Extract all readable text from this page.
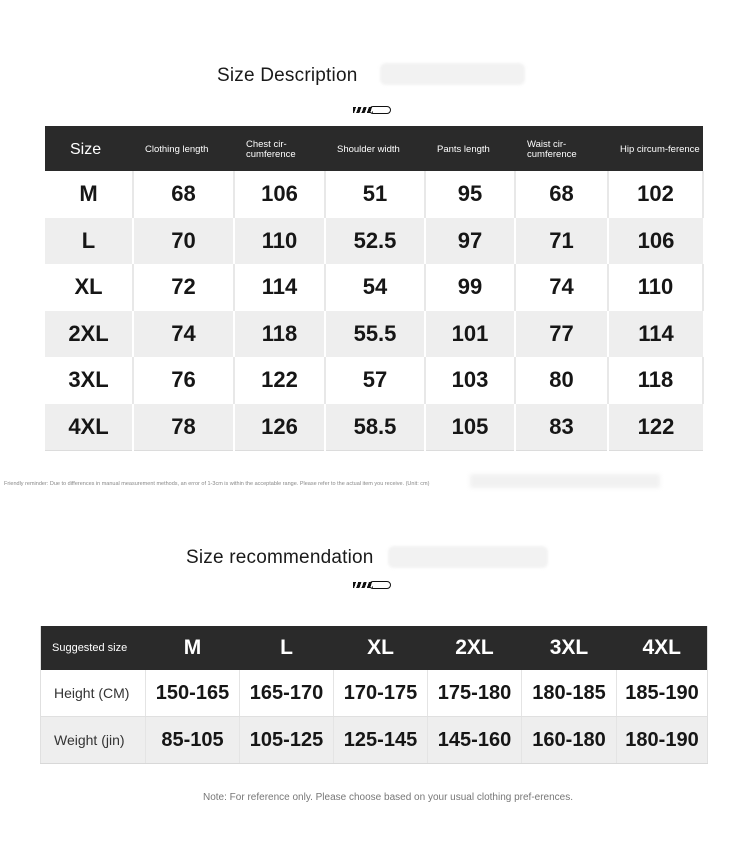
Size Description
Size	Clothing length	Chest cir-cumference	Shoulder width	Pants length	Waist cir-cumference	Hip circum-ference
M	68	106	51	95	68	102
L	70	110	52.5	97	71	106
XL	72	114	54	99	74	110
2XL	74	118	55.5	101	77	114
3XL	76	122	57	103	80	118
4XL	78	126	58.5	105	83	122
Friendly reminder: Due to differences in manual measurement methods, an error of 1-3cm is within the acceptable range. Please refer to the actual item you receive. (Unit: cm)
Size recommendation
Suggested size	M	L	XL	2XL	3XL	4XL
Height (CM)	150-165	165-170	170-175	175-180	180-185	185-190
Weight (jin)	85-105	105-125	125-145	145-160	160-180	180-190
Note: For reference only. Please choose based on your usual clothing pref-erences.
